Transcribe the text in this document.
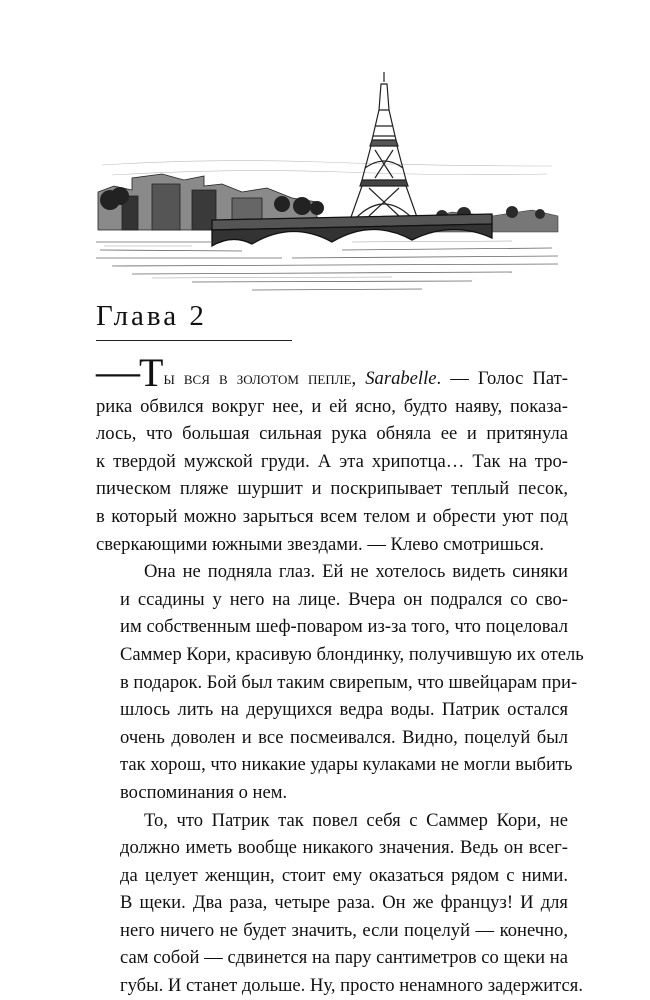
Глава 2

—Ты вся в золотом пепле, Sarabelle. — Голос Пат-
рика обвился вокруг нее, и ей ясно, будто наяву, показа-
лось, что большая сильная рука обняла ее и притянула
к твердой мужской груди. А эта хрипотца… Так на тро-
пическом пляже шуршит и поскрипывает теплый песок,
в который можно зарыться всем телом и обрести уют под
сверкающими южными звездами. — Клево смотришься.

Она не подняла глаз. Ей не хотелось видеть синяки
и ссадины у него на лице. Вчера он подрался со сво-
им собственным шеф-поваром из-за того, что поцеловал
Саммер Кори, красивую блондинку, получившую их отель
в подарок. Бой был таким свирепым, что швейцарам при-
шлось лить на дерущихся ведра воды. Патрик остался
очень доволен и все посмеивался. Видно, поцелуй был
так хорош, что никакие удары кулаками не могли выбить
воспоминания о нем.

То, что Патрик так повел себя с Саммер Кори, не
должно иметь вообще никакого значения. Ведь он всег-
да целует женщин, стоит ему оказаться рядом с ними.
В щеки. Два раза, четыре раза. Он же француз! И для
него ничего не будет значить, если поцелуй — конечно,
сам собой — сдвинется на пару сантиметров со щеки на
губы. И станет дольше. Ну, просто ненамного задержится.
